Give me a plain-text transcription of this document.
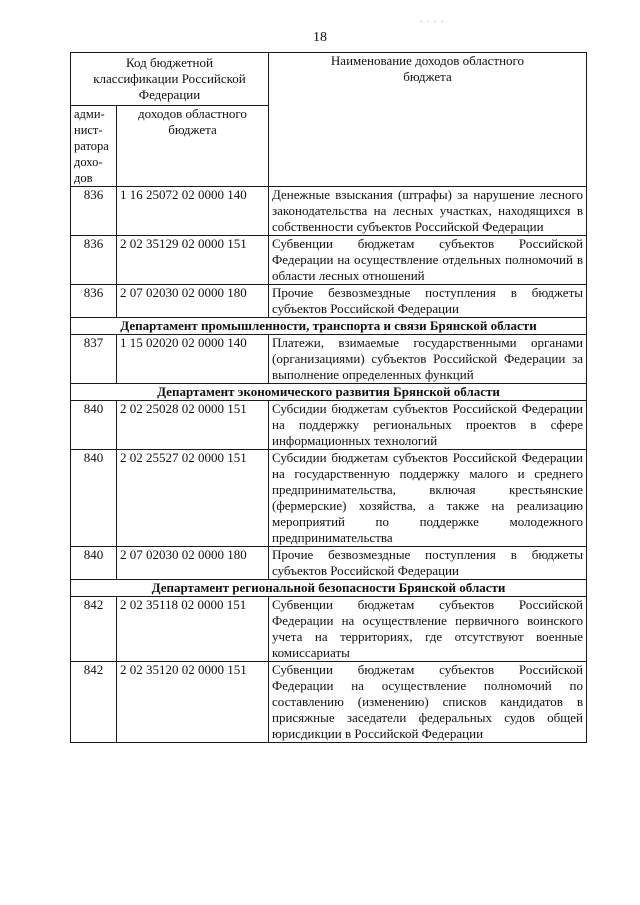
. . . .
18
Код бюджетной классификации Российской Федерации		Наименование доходов областного бюджета
адми-нист-ратора дохо-дов	доходов областного бюджета	
836	1 16 25072 02 0000 140	Денежные взыскания (штрафы) за нарушение лесного законодательства на лесных участках, находящихся в собственности субъектов Российской Федерации
836	2 02 35129 02 0000 151	Субвенции бюджетам субъектов Российской Федерации на осуществление отдельных полномочий в области лесных отношений
836	2 07 02030 02 0000 180	Прочие безвозмездные поступления в бюджеты субъектов Российской Федерации
Департамент промышленности, транспорта и связи Брянской области		
837	1 15 02020 02 0000 140	Платежи, взимаемые государственными органами (организациями) субъектов Российской Федерации за выполнение определенных функций
Департамент экономического развития Брянской области		
840	2 02 25028 02 0000 151	Субсидии бюджетам субъектов Российской Федерации на поддержку региональных проектов в сфере информационных технологий
840	2 02 25527 02 0000 151	Субсидии бюджетам субъектов Российской Федерации на государственную поддержку малого и среднего предпринимательства, включая крестьянские (фермерские) хозяйства, а также на реализацию мероприятий по поддержке молодежного предпринимательства
840	2 07 02030 02 0000 180	Прочие безвозмездные поступления в бюджеты субъектов Российской Федерации
Департамент региональной безопасности Брянской области		
842	2 02 35118 02 0000 151	Субвенции бюджетам субъектов Российской Федерации на осуществление первичного воинского учета на территориях, где отсутствуют военные комиссариаты
842	2 02 35120 02 0000 151	Субвенции бюджетам субъектов Российской Федерации на осуществление полномочий по составлению (изменению) списков кандидатов в присяжные заседатели федеральных судов общей юрисдикции в Российской Федерации
